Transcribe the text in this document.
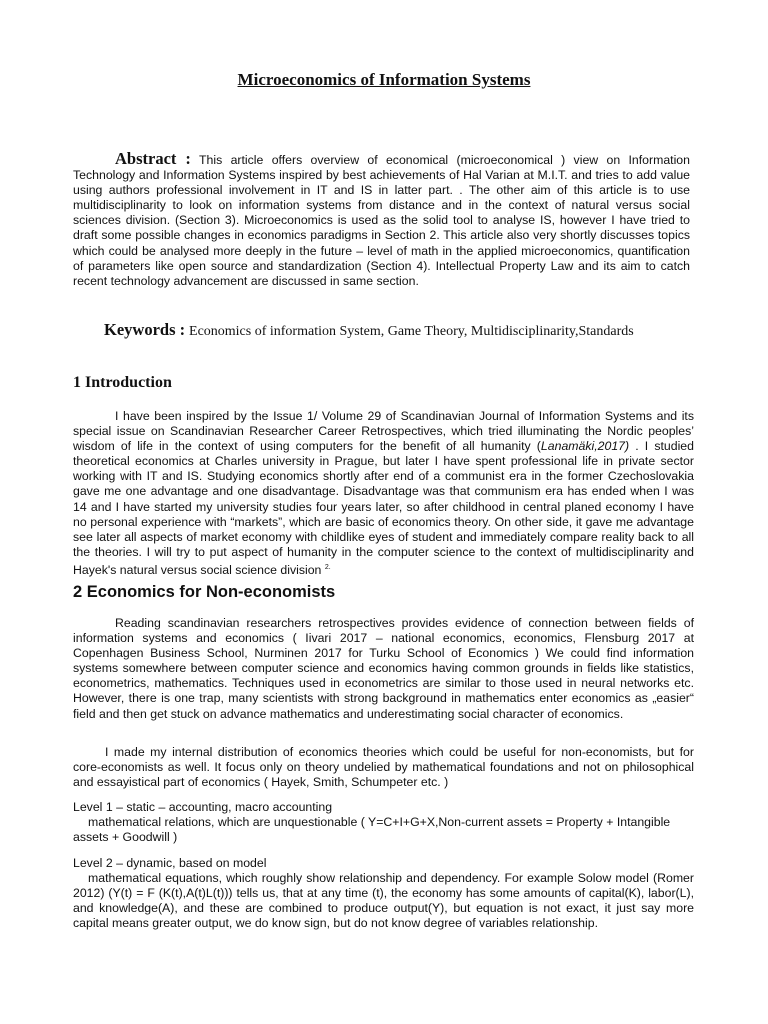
Microeconomics of Information Systems
Abstract : This article offers overview of economical (microeconomical ) view on Information Technology and Information Systems inspired by best achievements of Hal Varian at M.I.T. and tries to add value using authors professional involvement in IT and IS in latter part. . The other aim of this article is to use multidisciplinarity to look on information systems from distance and in the context of natural versus social sciences division. (Section 3). Microeconomics is used as the solid tool to analyse IS, however I have tried to draft some possible changes in economics paradigms in Section 2. This article also very shortly discusses topics which could be analysed more deeply in the future – level of math in the applied microeconomics, quantification of parameters like open source and standardization (Section 4). Intellectual Property Law and its aim to catch recent technology advancement are discussed in same section.
Keywords : Economics of information System, Game Theory, Multidisciplinarity,Standards
1 Introduction
I have been inspired by the Issue 1/ Volume 29 of Scandinavian Journal of Information Systems and its special issue on Scandinavian Researcher Career Retrospectives, which tried illuminating the Nordic peoples’ wisdom of life in the context of using computers for the benefit of all humanity (Lanamäki,2017) . I studied theoretical economics at Charles university in Prague, but later I have spent professional life in private sector working with IT and IS. Studying economics shortly after end of a communist era in the former Czechoslovakia gave me one advantage and one disadvantage. Disadvantage was that communism era has ended when I was 14 and I have started my university studies four years later, so after childhood in central planed economy I have no personal experience with “markets”, which are basic of economics theory. On other side, it gave me advantage see later all aspects of market economy with childlike eyes of student and immediately compare reality back to all the theories. I will try to put aspect of humanity in the computer science to the context of multidisciplinarity and Hayek's natural versus social science division $^{2.}$
2 Economics for Non-economists
Reading scandinavian researchers retrospectives provides evidence of connection between fields of information systems and economics ( Iivari 2017 – national economics, economics, Flensburg 2017 at Copenhagen Business School, Nurminen 2017 for Turku School of Economics ) We could find information systems somewhere between computer science and economics having common grounds in fields like statistics, econometrics, mathematics. Techniques used in econometrics are similar to those used in neural networks etc. However, there is one trap, many scientists with strong background in mathematics enter economics as „easier“ field and then get stuck on advance mathematics and underestimating social character of economics.
I made my internal distribution of economics theories which could be useful for non-economists, but for core-economists as well. It focus only on theory undelied by mathematical foundations and not on philosophical and essayistical part of economics ( Hayek, Smith, Schumpeter etc. )
Level 1 – static – accounting, macro accounting
mathematical relations, which are unquestionable ( Y=C+I+G+X,Non-current assets = Property + Intangible assets + Goodwill )
Level 2 – dynamic, based on model
mathematical equations, which roughly show relationship and dependency. For example Solow model (Romer 2012) (Y(t) = F (K(t),A(t)L(t))) tells us, that at any time (t), the economy has some amounts of capital(K), labor(L), and knowledge(A), and these are combined to produce output(Y), but equation is not exact, it just say more capital means greater output, we do know sign, but do not know degree of variables relationship.
